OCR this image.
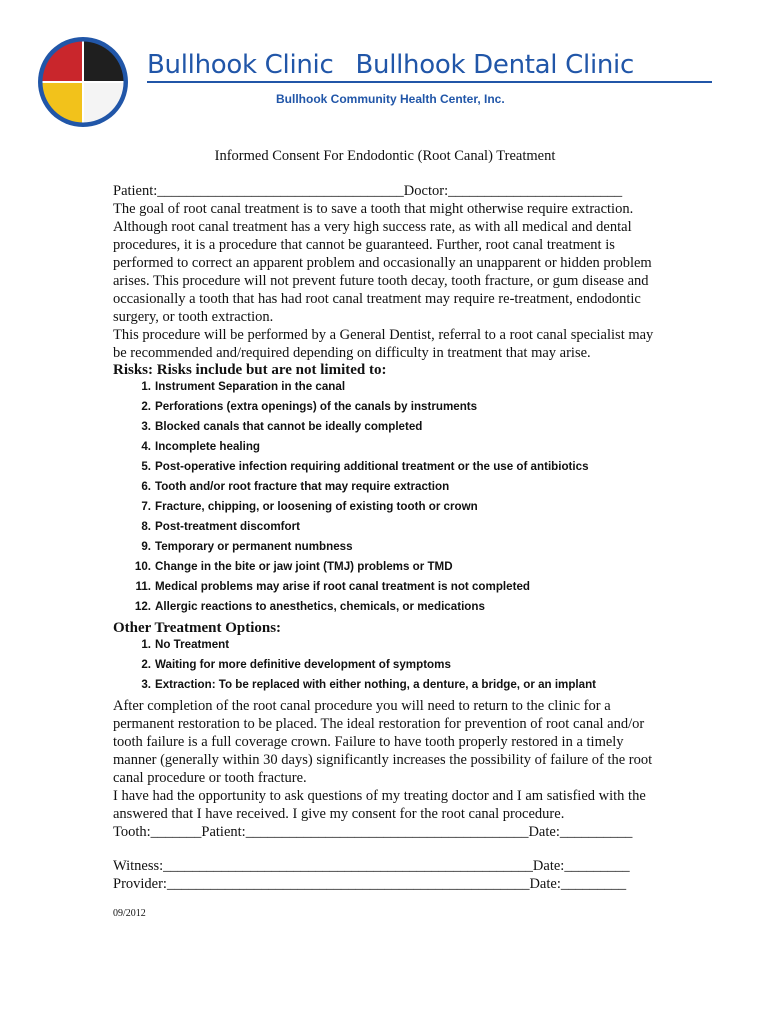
Bullhook Clinic Bullhook Dental Clinic
Bullhook Community Health Center, Inc.
Informed Consent For Endodontic (Root Canal) Treatment
Patient:__________________________________Doctor:________________________
The goal of root canal treatment is to save a tooth that might otherwise require extraction. Although root canal treatment has a very high success rate, as with all medical and dental procedures, it is a procedure that cannot be guaranteed. Further, root canal treatment is performed to correct an apparent problem and occasionally an unapparent or hidden problem arises. This procedure will not prevent future tooth decay, tooth fracture, or gum disease and occasionally a tooth that has had root canal treatment may require re-treatment, endodontic surgery, or tooth extraction.
This procedure will be performed by a General Dentist, referral to a root canal specialist may be recommended and/required depending on difficulty in treatment that may arise.
Risks: Risks include but are not limited to:
1. Instrument Separation in the canal
2. Perforations (extra openings) of the canals by instruments
3. Blocked canals that cannot be ideally completed
4. Incomplete healing
5. Post-operative infection requiring additional treatment or the use of antibiotics
6. Tooth and/or root fracture that may require extraction
7. Fracture, chipping, or loosening of existing tooth or crown
8. Post-treatment discomfort
9. Temporary or permanent numbness
10. Change in the bite or jaw joint (TMJ) problems or TMD
11. Medical problems may arise if root canal treatment is not completed
12. Allergic reactions to anesthetics, chemicals, or medications
Other Treatment Options:
1. No Treatment
2. Waiting for more definitive development of symptoms
3. Extraction: To be replaced with either nothing, a denture, a bridge, or an implant
After completion of the root canal procedure you will need to return to the clinic for a permanent restoration to be placed. The ideal restoration for prevention of root canal and/or tooth failure is a full coverage crown. Failure to have tooth properly restored in a timely manner (generally within 30 days) significantly increases the possibility of failure of the root canal procedure or tooth fracture.
I have had the opportunity to ask questions of my treating doctor and I am satisfied with the answered that I have received. I give my consent for the root canal procedure.
Tooth:_______Patient:_______________________________________Date:__________
Witness:___________________________________________________Date:_________
Provider:__________________________________________________Date:_________
09/2012
